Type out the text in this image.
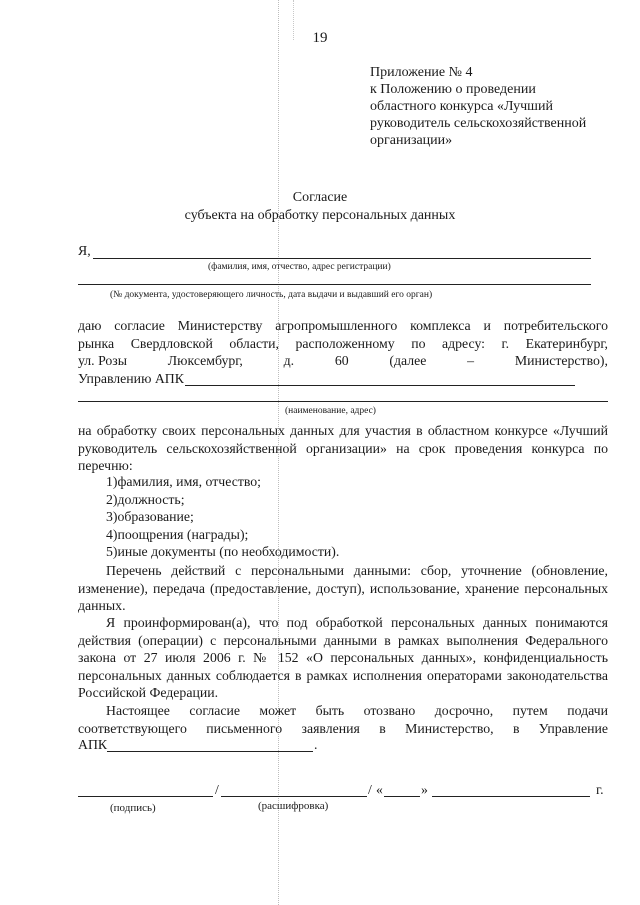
19
Приложение № 4
к Положению о проведении
областного конкурса «Лучший
руководитель сельскохозяйственной
организации»
Согласие
субъекта на обработку персональных данных
Я,
(фамилия, имя, отчество, адрес регистрации)
(№ документа, удостоверяющего личность, дата выдачи и выдавший его орган)
даю согласие Министерству агропромышленного комплекса и потребительского
рынка Свердловской области, расположенному по адресу: г. Екатеринбург,
ул. Розы	Люксембург,	д.	60	(далее	–	Министерство),
Управлению АПК
(наименование, адрес)
на обработку своих персональных данных для участия в областном конкурсе «Лучший руководитель сельскохозяйственной организации» на срок проведения конкурса по перечню:
1)фамилия, имя, отчество;
2)должность;
3)образование;
4)поощрения (награды);
5)иные документы (по необходимости).
Перечень действий с персональными данными: сбор, уточнение (обновление, изменение), передача (предоставление, доступ), использование, хранение персональных данных.
Я проинформирован(а), что под обработкой персональных данных понимаются действия (операции) с персональными данными в рамках выполнения Федерального закона от 27 июля 2006 г. № 152 «О персональных данных», конфиденциальность персональных данных соблюдается в рамках исполнения операторами законодательства Российской Федерации.
Настоящее согласие может быть отозвано досрочно, путем подачи соответствующего письменного заявления в Министерство, в Управление
АПК	.
/	/ «	»	г.
(подпись)	(расшифровка)
